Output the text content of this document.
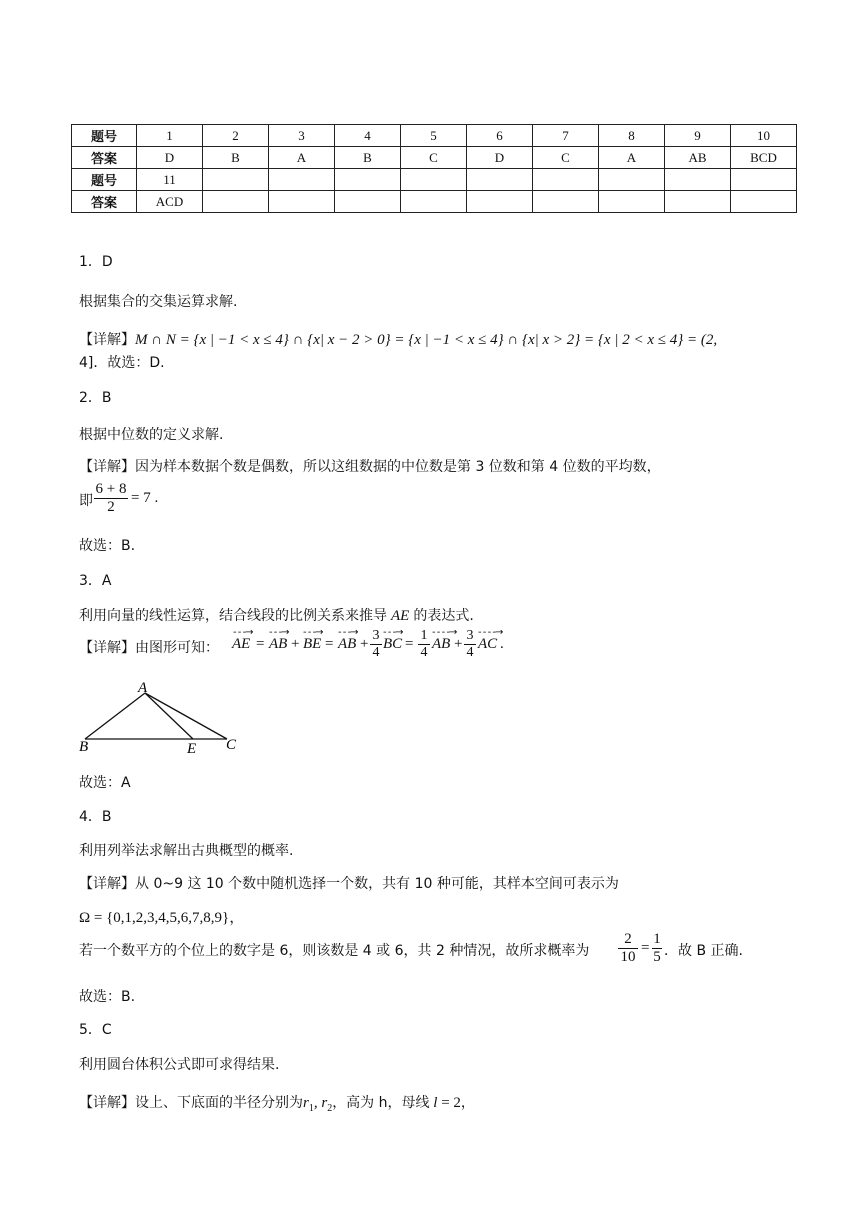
题号	1	2	3	4	5	6	7	8	9	10
答案	D	B	A	B	C	D	C	A	AB	BCD
题号	11									
答案	ACD									
1．D
根据集合的交集运算求解.
【详解】M ∩ N = {x | −1 < x ≤ 4} ∩ {x| x − 2 > 0} = {x | −1 < x ≤ 4} ∩ {x| x > 2} = {x | 2 < x ≤ 4} = (2,
4]．故选：D.
2．B
根据中位数的定义求解.
【详解】因为样本数据个数是偶数，所以这组数据的中位数是第 3 位数和第 4 位数的平均数，
即 $\frac{6 + 8}{2} = 7$ .
故选：B.
3．A
利用向量的线性运算，结合线段的比例关系来推导 AE 的表达式.
【详解】由图形可知：
- - -→
AE =
- - -→
AB +
- - -→
BE =
- - -→
AB + $\frac{3}{4}$ - - -→
BC = $\frac{1}{4}$ - - - -→
AB + $\frac{3}{4}$ - - - -→
AC .
A
B	E C
故选：A
4．B
利用列举法求解出古典概型的概率.
【详解】从 0~9 这 10 个数中随机选择一个数，共有 10 种可能，其样本空间可表示为
Ω = {0,1,2,3,4,5,6,7,8,9}，
若一个数平方的个位上的数字是 6，则该数是 4 或 6，共 2 种情况，故所求概率为 $\frac{2}{10} = \frac{1}{5}$ ．故 B 正确.
故选：B.
5．C
利用圆台体积公式即可求得结果.
【详解】设上、下底面的半径分别为$r_1$, $r_2$，高为 h，母线 l = 2，
